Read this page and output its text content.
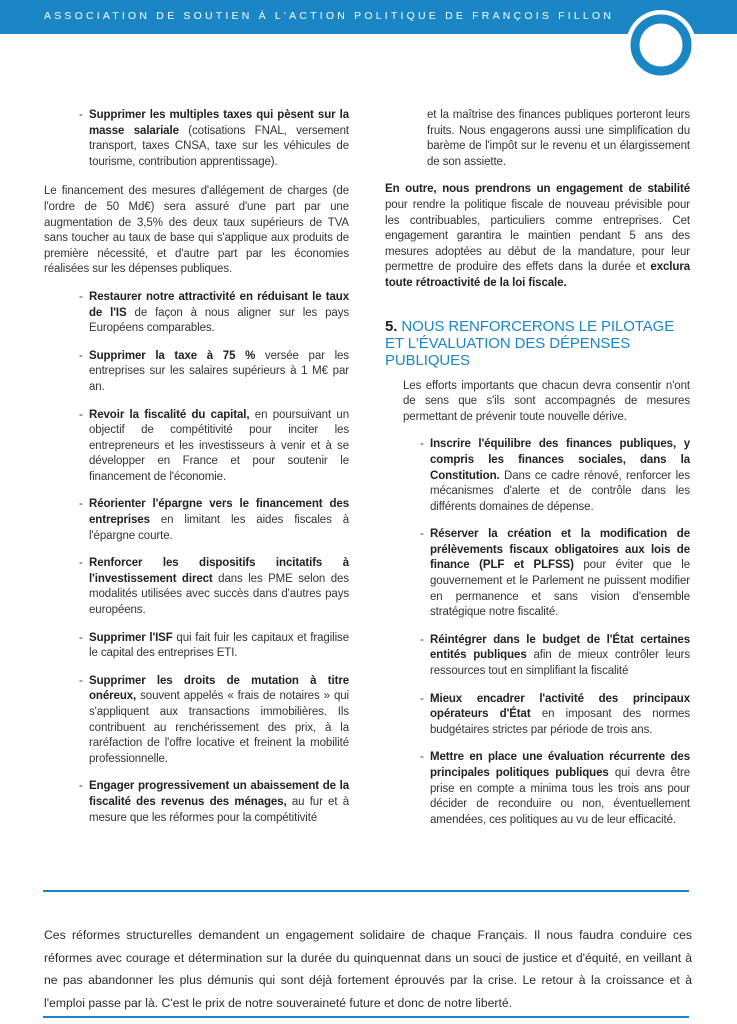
ASSOCIATION DE SOUTIEN À L'ACTION POLITIQUE DE FRANÇOIS FILLON

- Supprimer les multiples taxes qui pèsent sur la masse salariale (cotisations FNAL, versement transport, taxes CNSA, taxe sur les véhicules de tourisme, contribution apprentissage).

Le financement des mesures d'allégement de charges (de l'ordre de 50 Md€) sera assuré d'une part par une augmentation de 3,5% des deux taux supérieurs de TVA sans toucher au taux de base qui s'applique aux produits de première nécessité, et d'autre part par les économies réalisées sur les dépenses publiques.

- Restaurer notre attractivité en réduisant le taux de l'IS de façon à nous aligner sur les pays Européens comparables.

- Supprimer la taxe à 75 % versée par les entreprises sur les salaires supérieurs à 1 M€ par an.

- Revoir la fiscalité du capital, en poursuivant un objectif de compétitivité pour inciter les entrepreneurs et les investisseurs à venir et à se développer en France et pour soutenir le financement de l'économie.

- Réorienter l'épargne vers le financement des entreprises en limitant les aides fiscales à l'épargne courte.

- Renforcer les dispositifs incitatifs à l'investissement direct dans les PME selon des modalités utilisées avec succès dans d'autres pays européens.

- Supprimer l'ISF qui fait fuir les capitaux et fragilise le capital des entreprises ETI.

- Supprimer les droits de mutation à titre onéreux, souvent appelés « frais de notaires » qui s'appliquent aux transactions immobilières. Ils contribuent au renchérissement des prix, à la raréfaction de l'offre locative et freinent la mobilité professionnelle.

- Engager progressivement un abaissement de la fiscalité des revenus des ménages, au fur et à mesure que les réformes pour la compétitivité

et la maîtrise des finances publiques porteront leurs fruits. Nous engagerons aussi une simplification du barème de l'impôt sur le revenu et un élargissement de son assiette.

En outre, nous prendrons un engagement de stabilité pour rendre la politique fiscale de nouveau prévisible pour les contribuables, particuliers comme entreprises. Cet engagement garantira le maintien pendant 5 ans des mesures adoptées au début de la mandature, pour leur permettre de produire des effets dans la durée et exclura toute rétroactivité de la loi fiscale.

5. NOUS RENFORCERONS LE PILOTAGE ET L'ÉVALUATION DES DÉPENSES PUBLIQUES

Les efforts importants que chacun devra consentir n'ont de sens que s'ils sont accompagnés de mesures permettant de prévenir toute nouvelle dérive.

- Inscrire l'équilibre des finances publiques, y compris les finances sociales, dans la Constitution. Dans ce cadre rénové, renforcer les mécanismes d'alerte et de contrôle dans les différents domaines de dépense.

- Réserver la création et la modification de prélèvements fiscaux obligatoires aux lois de finance (PLF et PLFSS) pour éviter que le gouvernement et le Parlement ne puissent modifier en permanence et sans vision d'ensemble stratégique notre fiscalité.

- Réintégrer dans le budget de l'État certaines entités publiques afin de mieux contrôler leurs ressources tout en simplifiant la fiscalité

- Mieux encadrer l'activité des principaux opérateurs d'État en imposant des normes budgétaires strictes par période de trois ans.

- Mettre en place une évaluation récurrente des principales politiques publiques qui devra être prise en compte a minima tous les trois ans pour décider de reconduire ou non, éventuellement amendées, ces politiques au vu de leur efficacité.

Ces réformes structurelles demandent un engagement solidaire de chaque Français. Il nous faudra conduire ces réformes avec courage et détermination sur la durée du quinquennat dans un souci de justice et d'équité, en veillant à ne pas abandonner les plus démunis qui sont déjà fortement éprouvés par la crise. Le retour à la croissance et à l'emploi passe par là. C'est le prix de notre souveraineté future et donc de notre liberté.
